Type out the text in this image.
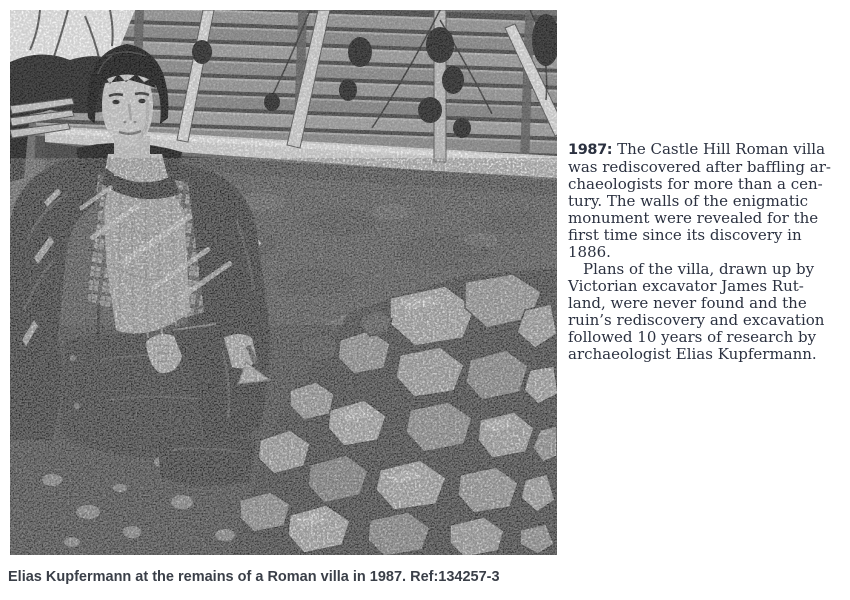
1987: The Castle Hill Roman villa
was rediscovered after baffling ar-
chaeologists for more than a cen-
tury. The walls of the enigmatic
monument were revealed for the
first time since its discovery in
1886.
Plans of the villa, drawn up by
Victorian excavator James Rut-
land, were never found and the
ruin’s rediscovery and excavation
followed 10 years of research by
archaeologist Elias Kupfermann.
Elias Kupfermann at the remains of a Roman villa in 1987. Ref:134257-3
